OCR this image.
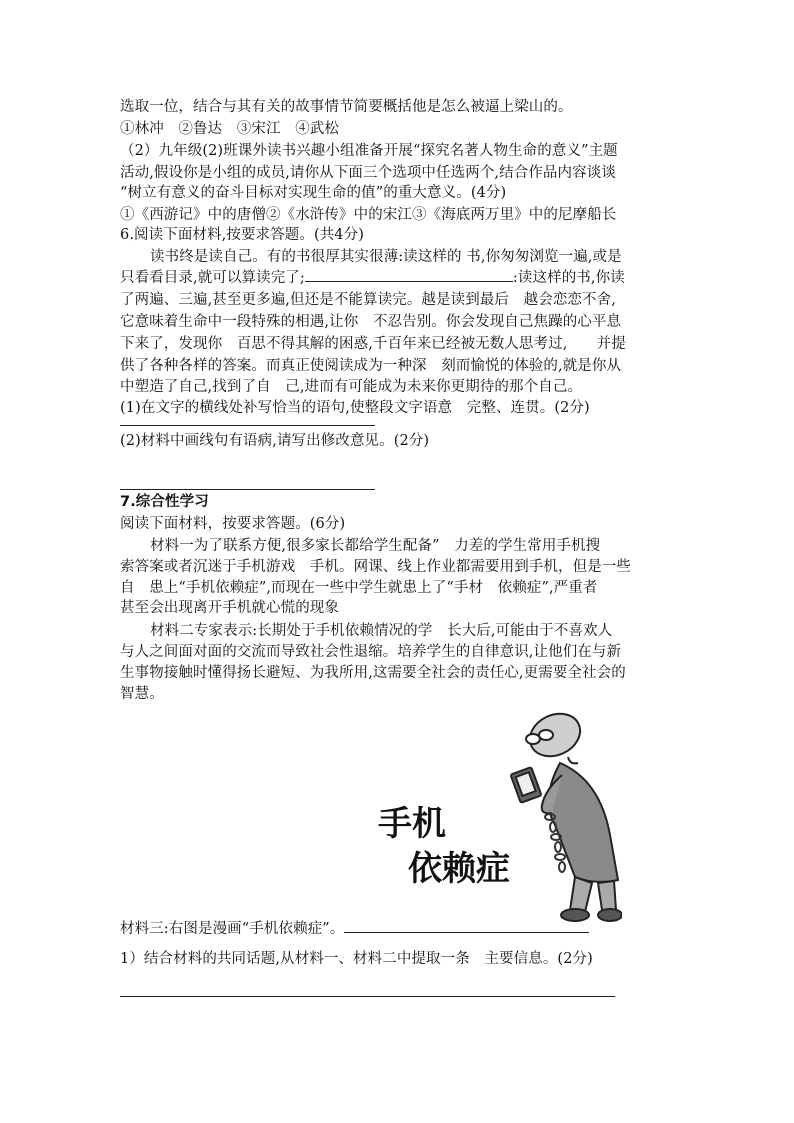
选取一位，结合与其有关的故事情节简要概括他是怎么被逼上梁山的。
①林冲　②鲁达　③宋江　④武松
（2）九年级(2)班课外读书兴趣小组准备开展“探究名著人物生命的意义”主题
活动,假设你是小组的成员,请你从下面三个选项中任选两个,结合作品内容谈谈
“树立有意义的奋斗目标对实现生命的值”的重大意义。(4分)
①《西游记》中的唐僧②《水浒传》中的宋江③《海底两万里》中的尼摩船长
6.阅读下面材料,按要求答题。(共4分)
读书终是读自己。有的书很厚其实很薄:读这样的 书,你匆匆浏览一遍,或是
只看看目录,就可以算读完了;	:读这样的书,你读
了两遍、三遍,甚至更多遍,但还是不能算读完。越是读到最后　越会恋恋不舍,
它意味着生命中一段特殊的相遇,让你　不忍告别。你会发现自己焦躁的心平息
下来了，发现你　百思不得其解的困惑,千百年来已经被无数人思考过,　　并提
供了各种各样的答案。而真正使阅读成为一种深　刻而愉悦的体验的,就是你从
中塑造了自己,找到了自　己,进而有可能成为未来你更期待的那个自己。
(1)在文字的横线处补写恰当的语句,使整段文字语意　完整、连贯。(2分)
(2)材料中画线句有语病,请写出修改意见。(2分)
7.综合性学习
阅读下面材料，按要求答题。(6分)
材料一为了联系方便,很多家长都给学生配备”　力差的学生常用手机搜
索答案或者沉迷于手机游戏　手机。网课、线上作业都需要用到手机，但是一些
自　患上“手机依赖症”,而现在一些中学生就患上了“手材　依赖症”,严重者
甚至会出现离开手机就心慌的现象
材料二专家表示:长期处于手机依赖情况的学　长大后,可能由于不喜欢人
与人之间面对面的交流而导致社会性退缩。培养学生的自律意识,让他们在与新
生事物接触时懂得扬长避短、为我所用,这需要全社会的责任心,更需要全社会的
智慧。
手机
依赖症
材料三:右图是漫画“手机依赖症”。
1）结合材料的共同话题,从材料一、材料二中提取一条　主要信息。(2分)
